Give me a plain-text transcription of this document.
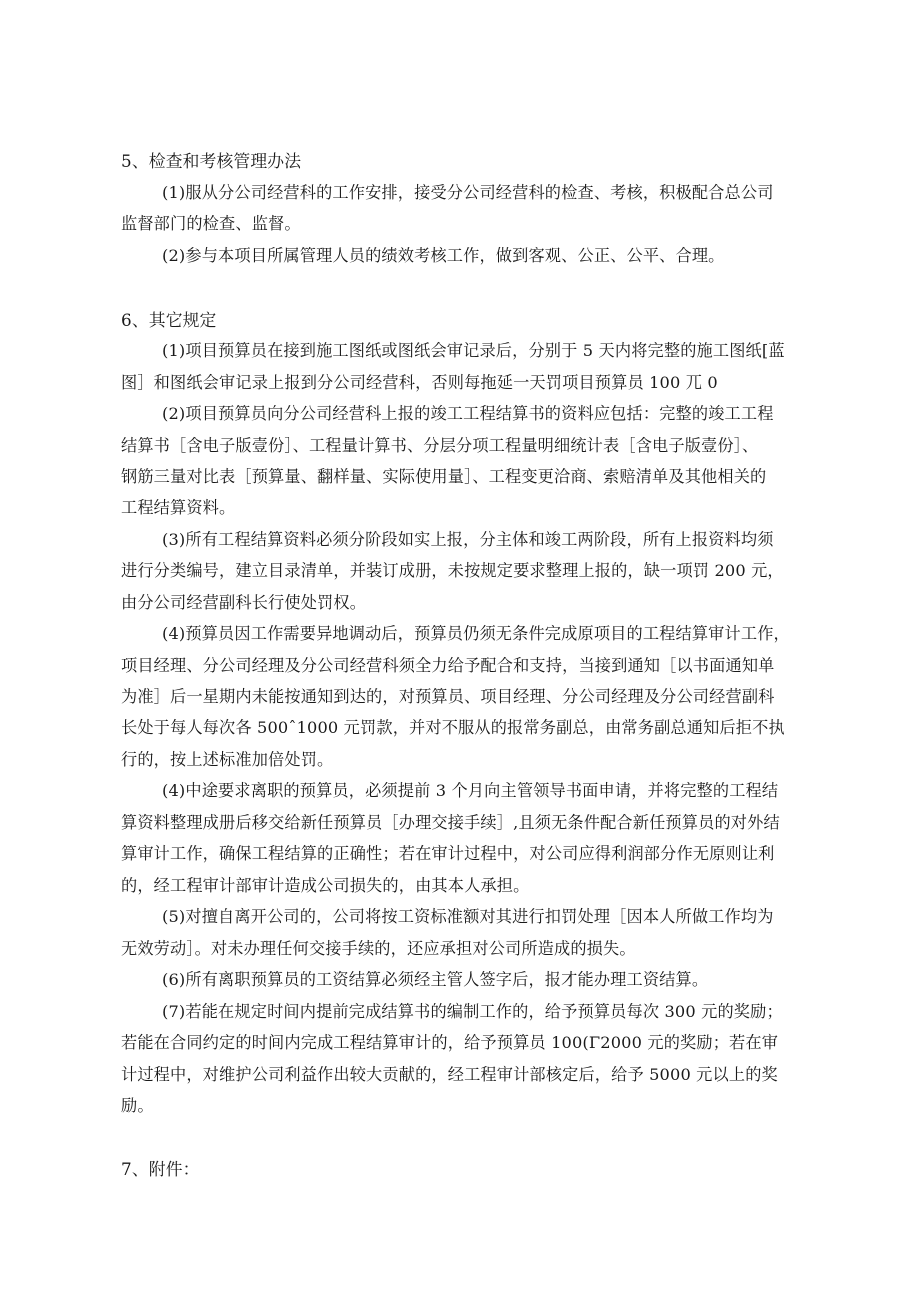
5、检查和考核管理办法
(1)服从分公司经营科的工作安排，接受分公司经营科的检查、考核，积极配合总公司
监督部门的检查、监督。
(2)参与本项目所属管理人员的绩效考核工作，做到客观、公正、公平、合理。
6、其它规定
(1)项目预算员在接到施工图纸或图纸会审记录后，分别于 5 天内将完整的施工图纸[蓝
图］和图纸会审记录上报到分公司经营科，否则每拖延一天罚项目预算员 100 兀 0
(2)项目预算员向分公司经营科上报的竣工工程结算书的资料应包括：完整的竣工工程
结算书［含电子版壹份］、工程量计算书、分层分项工程量明细统计表［含电子版壹份］、
钢筋三量对比表［预算量、翻样量、实际使用量］、工程变更洽商、索赔清单及其他相关的
工程结算资料。
(3)所有工程结算资料必须分阶段如实上报，分主体和竣工两阶段，所有上报资料均须
进行分类编号，建立目录清单，并装订成册，未按规定要求整理上报的，缺一项罚 200 元，
由分公司经营副科长行使处罚权。
(4)预算员因工作需要异地调动后，预算员仍须无条件完成原项目的工程结算审计工作，
项目经理、分公司经理及分公司经营科须全力给予配合和支持，当接到通知［以书面通知单
为准］后一星期内未能按通知到达的，对预算员、项目经理、分公司经理及分公司经营副科
长处于每人每次各 500ˆ1000 元罚款，并对不服从的报常务副总，由常务副总通知后拒不执
行的，按上述标准加倍处罚。
(4)中途要求离职的预算员，必须提前 3 个月向主管领导书面申请，并将完整的工程结
算资料整理成册后移交给新任预算员［办理交接手续］,且须无条件配合新任预算员的对外结
算审计工作，确保工程结算的正确性；若在审计过程中，对公司应得利润部分作无原则让利
的，经工程审计部审计造成公司损失的，由其本人承担。
(5)对擅自离开公司的，公司将按工资标准额对其进行扣罚处理［因本人所做工作均为
无效劳动］。对未办理任何交接手续的，还应承担对公司所造成的损失。
(6)所有离职预算员的工资结算必须经主管人签字后，报才能办理工资结算。
(7)若能在规定时间内提前完成结算书的编制工作的，给予预算员每次 300 元的奖励；
若能在合同约定的时间内完成工程结算审计的，给予预算员 100(Γ2000 元的奖励；若在审
计过程中，对维护公司利益作出较大贡献的，经工程审计部核定后，给予 5000 元以上的奖
励。
7、附件：
